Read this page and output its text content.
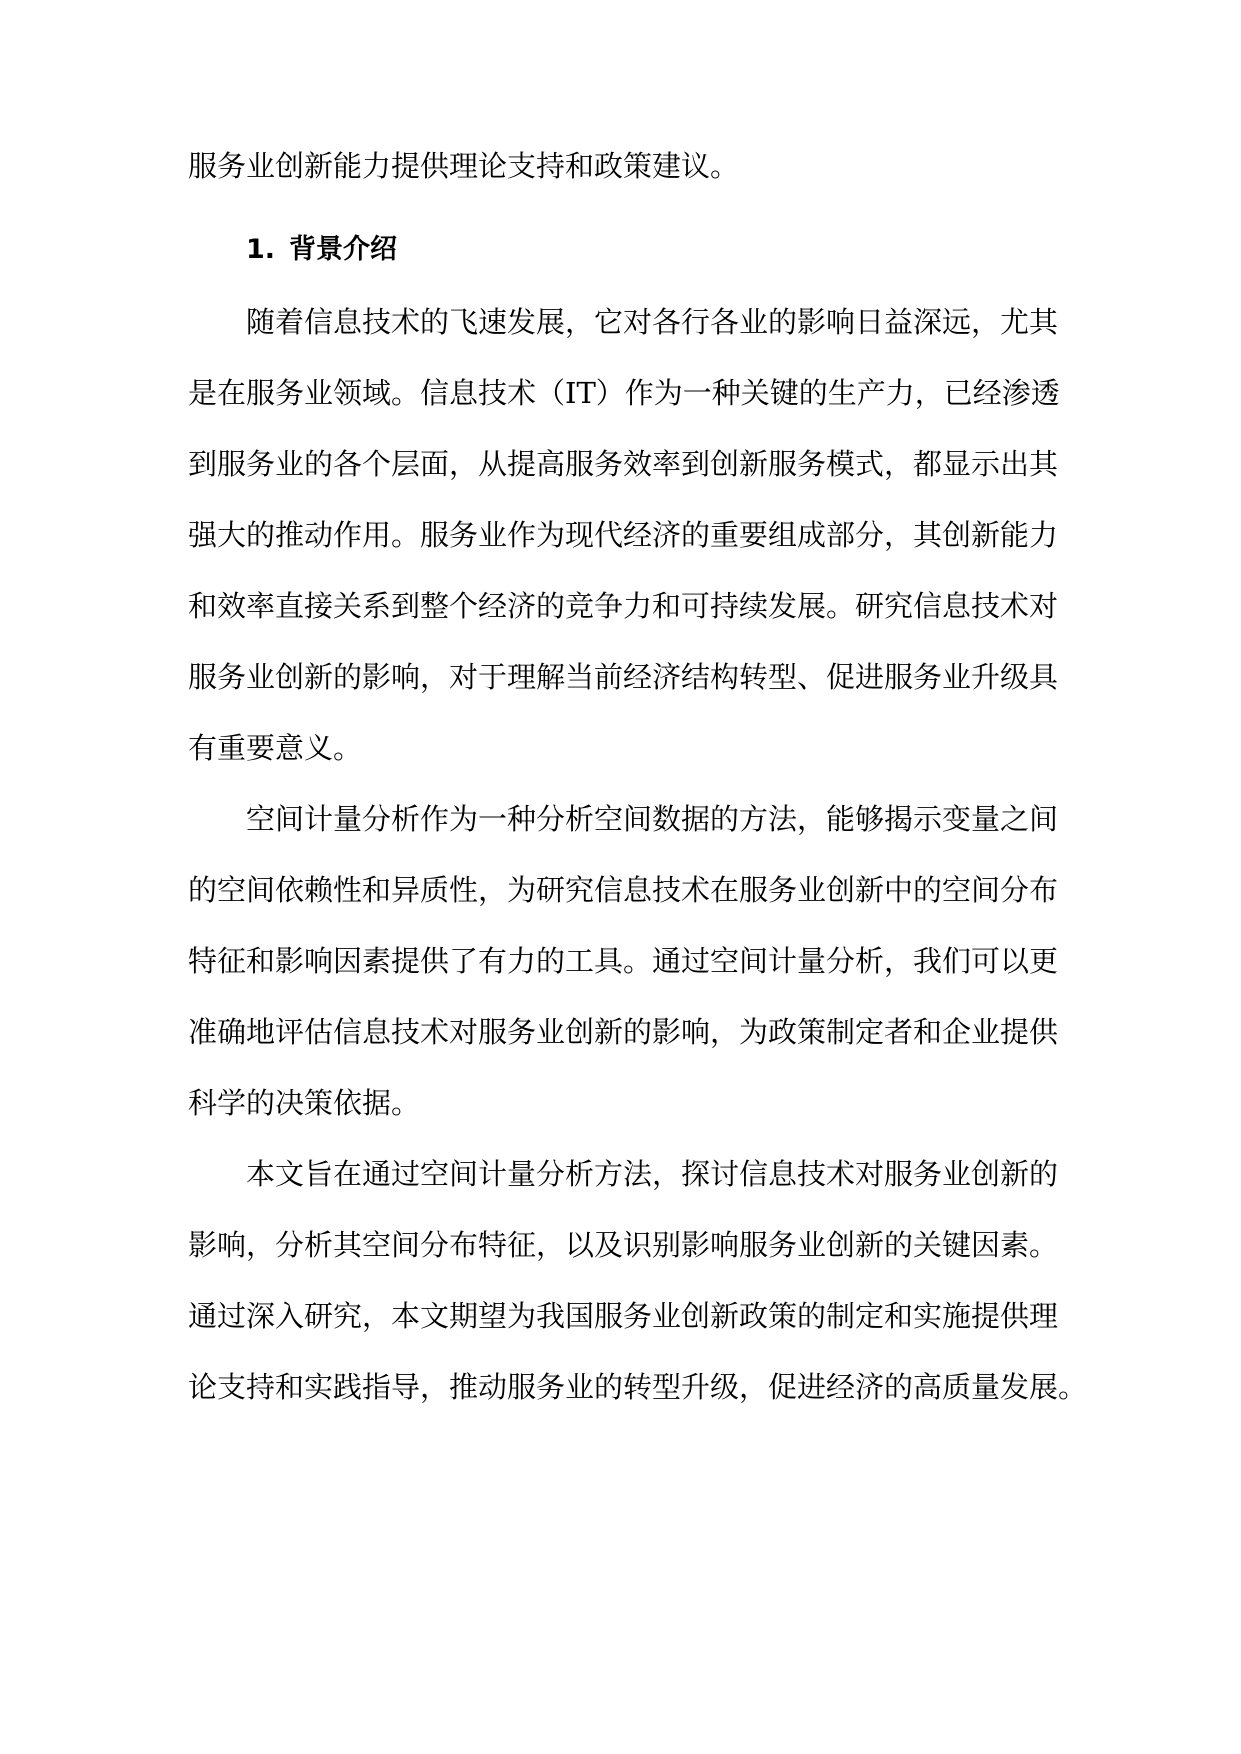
服务业创新能力提供理论支持和政策建议。
1. 背景介绍
随着信息技术的飞速发展，它对各行各业的影响日益深远，尤其
是在服务业领域。信息技术（IT）作为一种关键的生产力，已经渗透
到服务业的各个层面，从提高服务效率到创新服务模式，都显示出其
强大的推动作用。服务业作为现代经济的重要组成部分，其创新能力
和效率直接关系到整个经济的竞争力和可持续发展。研究信息技术对
服务业创新的影响，对于理解当前经济结构转型、促进服务业升级具
有重要意义。
空间计量分析作为一种分析空间数据的方法，能够揭示变量之间
的空间依赖性和异质性，为研究信息技术在服务业创新中的空间分布
特征和影响因素提供了有力的工具。通过空间计量分析，我们可以更
准确地评估信息技术对服务业创新的影响，为政策制定者和企业提供
科学的决策依据。
本文旨在通过空间计量分析方法，探讨信息技术对服务业创新的
影响，分析其空间分布特征，以及识别影响服务业创新的关键因素。
通过深入研究，本文期望为我国服务业创新政策的制定和实施提供理
论支持和实践指导，推动服务业的转型升级，促进经济的高质量发展。
